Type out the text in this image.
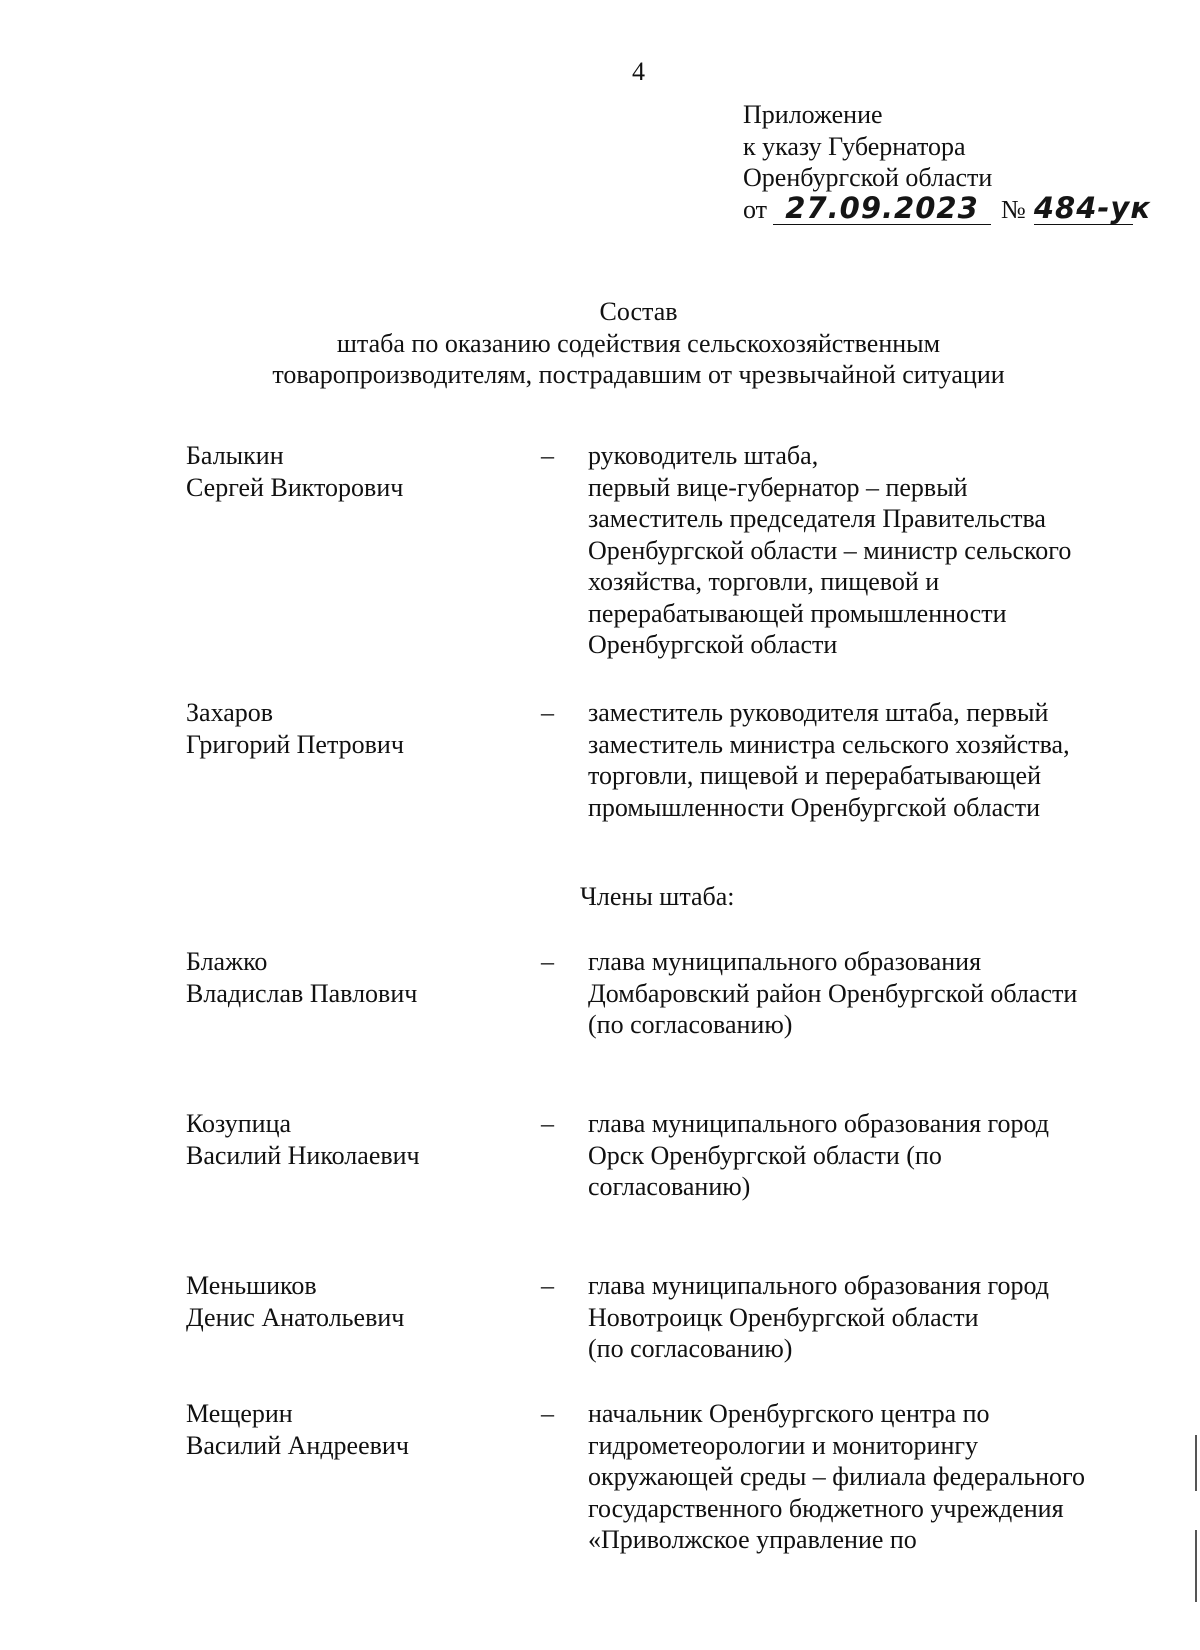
4
Приложение
к указу Губернатора
Оренбургской области
от 27.09.2023 № 484-ук
Состав
штаба по оказанию содействия сельскохозяйственным
товаропроизводителям, пострадавшим от чрезвычайной ситуации
Балыкин
Сергей Викторович
– руководитель штаба,
первый вице-губернатор – первый
заместитель председателя Правительства
Оренбургской области – министр сельского
хозяйства, торговли, пищевой и
перерабатывающей промышленности
Оренбургской области
Захаров
Григорий Петрович
– заместитель руководителя штаба, первый
заместитель министра сельского хозяйства,
торговли, пищевой и перерабатывающей
промышленности Оренбургской области
Члены штаба:
Блажко
Владислав Павлович
– глава муниципального образования
Домбаровский район Оренбургской области
(по согласованию)
Козупица
Василий Николаевич
– глава муниципального образования город
Орск Оренбургской области (по
согласованию)
Меньшиков
Денис Анатольевич
– глава муниципального образования город
Новотроицк Оренбургской области
(по согласованию)
Мещерин
Василий Андреевич
– начальник Оренбургского центра по
гидрометеорологии и мониторингу
окружающей среды – филиала федерального
государственного бюджетного учреждения
«Приволжское управление по
